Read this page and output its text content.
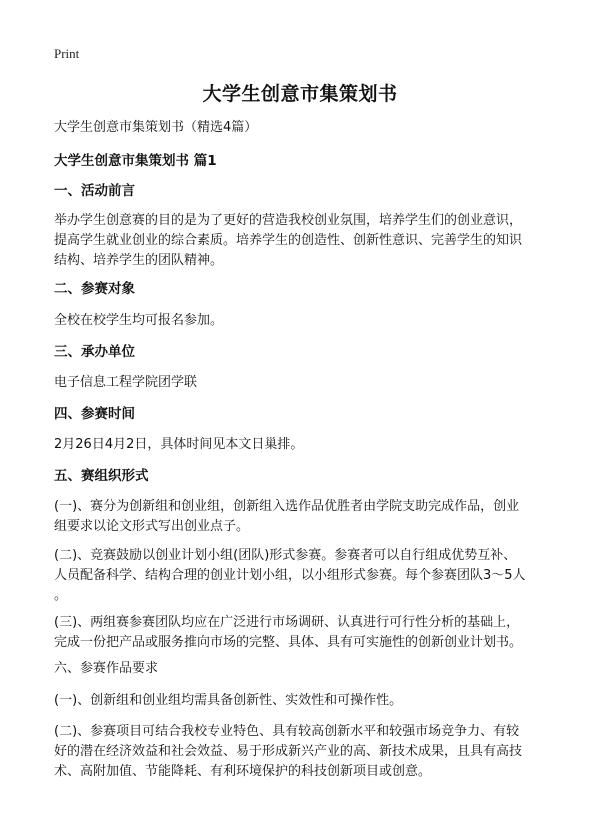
Print
大学生创意市集策划书
大学生创意市集策划书（精选4篇）
大学生创意市集策划书 篇1
一、活动前言
举办学生创意赛的目的是为了更好的营造我校创业氛围，培养学生们的创业意识，
提高学生就业创业的综合素质。培养学生的创造性、创新性意识、完善学生的知识
结构、培养学生的团队精神。
二、参赛对象
全校在校学生均可报名参加。
三、承办单位
电子信息工程学院团学联
四、参赛时间
2月26日4月2日，具体时间见本文日巢排。
五、赛组织形式
(一)、赛分为创新组和创业组，创新组入选作品优胜者由学院支助完成作品，创业
组要求以论文形式写出创业点子。
(二)、竞赛鼓励以创业计划小组(团队)形式参赛。参赛者可以自行组成优势互补、
人员配备科学、结构合理的创业计划小组，以小组形式参赛。每个参赛团队3～5人
。
(三)、两组赛参赛团队均应在广泛进行市场调研、认真进行可行性分析的基础上，
完成一份把产品或服务推向市场的完整、具体、具有可实施性的创新创业计划书。
六、参赛作品要求
(一)、创新组和创业组均需具备创新性、实效性和可操作性。
(二)、参赛项目可结合我校专业特色、具有较高创新水平和较强市场竞争力、有较
好的潜在经济效益和社会效益、易于形成新兴产业的高、新技术成果，且具有高技
术、高附加值、节能降耗、有利环境保护的科技创新项目或创意。
